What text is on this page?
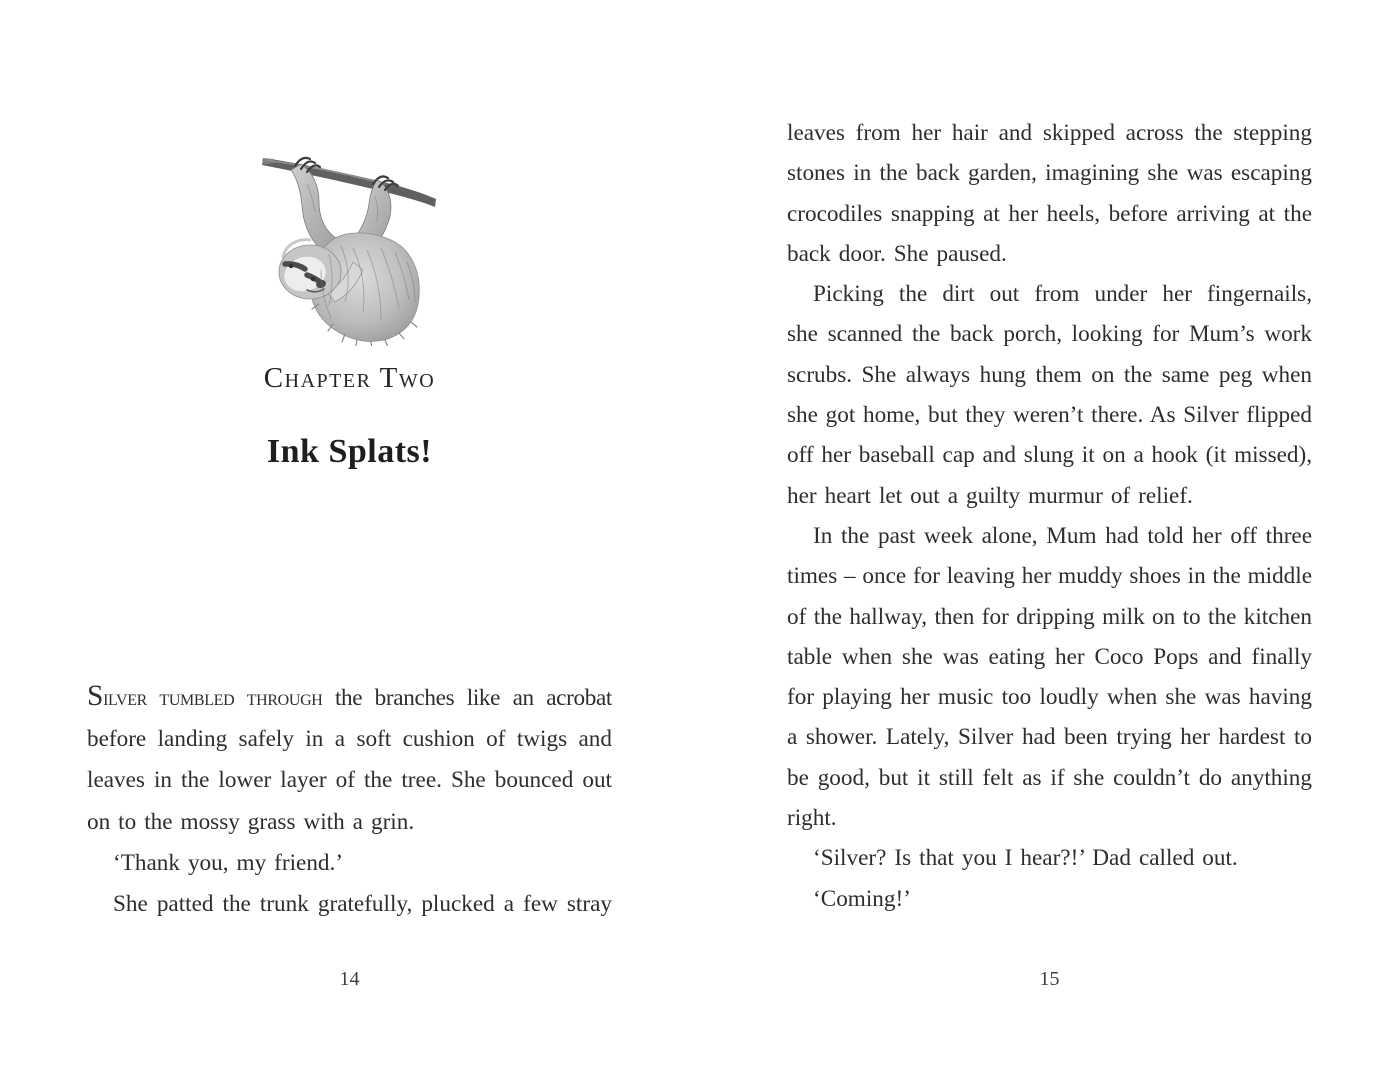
Chapter Two
Ink Splats!
Silver tumbled through the branches like an acrobat
before landing safely in a soft cushion of twigs and
leaves in the lower layer of the tree. She bounced out
on to the mossy grass with a grin.
‘Thank you, my friend.’
She patted the trunk gratefully, plucked a few stray
14
leaves from her hair and skipped across the stepping
stones in the back garden, imagining she was escaping
crocodiles snapping at her heels, before arriving at the
back door. She paused.
Picking the dirt out from under her fingernails,
she scanned the back porch, looking for Mum’s work
scrubs. She always hung them on the same peg when
she got home, but they weren’t there. As Silver flipped
off her baseball cap and slung it on a hook (it missed),
her heart let out a guilty murmur of relief.
In the past week alone, Mum had told her off three
times – once for leaving her muddy shoes in the middle
of the hallway, then for dripping milk on to the kitchen
table when she was eating her Coco Pops and finally
for playing her music too loudly when she was having
a shower. Lately, Silver had been trying her hardest to
be good, but it still felt as if she couldn’t do anything
right.
‘Silver? Is that you I hear?!’ Dad called out.
‘Coming!’
15
